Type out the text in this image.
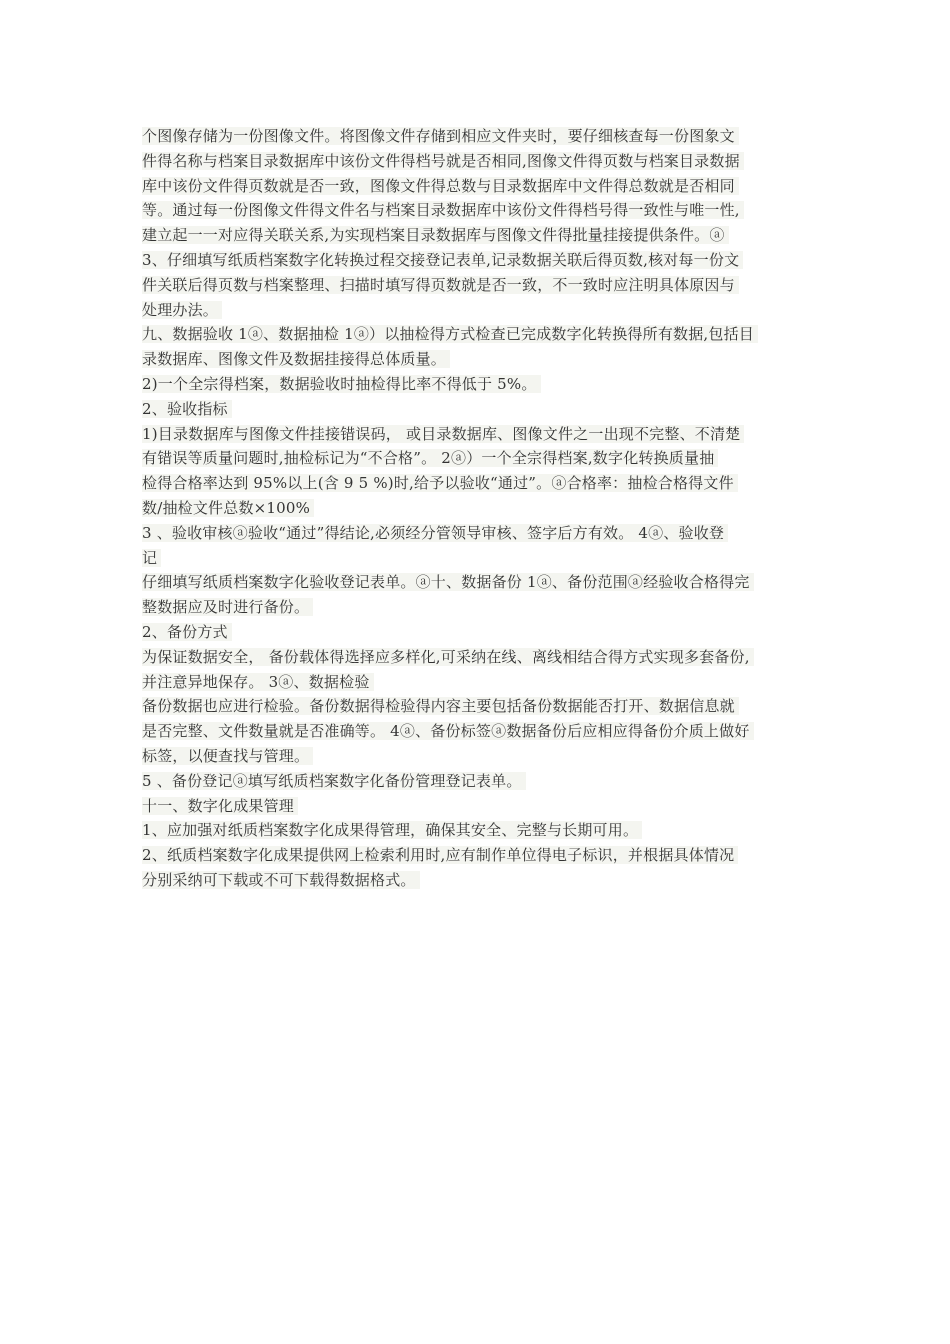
个图像存储为一份图像文件。将图像文件存储到相应文件夹时，要仔细核查每一份图象文
件得名称与档案目录数据库中该份文件得档号就是否相同,图像文件得页数与档案目录数据
库中该份文件得页数就是否一致，图像文件得总数与目录数据库中文件得总数就是否相同
等。通过每一份图像文件得文件名与档案目录数据库中该份文件得档号得一致性与唯一性,
建立起一一对应得关联关系,为实现档案目录数据库与图像文件得批量挂接提供条件。ⓐ
3、仔细填写纸质档案数字化转换过程交接登记表单,记录数据关联后得页数,核对每一份文
件关联后得页数与档案整理、扫描时填写得页数就是否一致，不一致时应注明具体原因与
处理办法。
九、数据验收 1ⓐ、数据抽检 1ⓐ）以抽检得方式检查已完成数字化转换得所有数据,包括目
录数据库、图像文件及数据挂接得总体质量。
2)一个全宗得档案，数据验收时抽检得比率不得低于 5%。
2、验收指标
1)目录数据库与图像文件挂接错误码， 或目录数据库、图像文件之一出现不完整、不清楚
有错误等质量问题时,抽检标记为“不合格”。 2ⓐ）一个全宗得档案,数字化转换质量抽
检得合格率达到 95%以上(含 9 5 %)时,给予以验收“通过”。ⓐ合格率：抽检合格得文件
数/抽检文件总数×100%
3 、验收审核ⓐ验收“通过”得结论,必须经分管领导审核、签字后方有效。 4ⓐ、验收登
记
仔细填写纸质档案数字化验收登记表单。ⓐ十、数据备份 1ⓐ、备份范围ⓐ经验收合格得完
整数据应及时进行备份。
2、备份方式
为保证数据安全， 备份载体得选择应多样化,可采纳在线、离线相结合得方式实现多套备份,
并注意异地保存。 3ⓐ、数据检验
备份数据也应进行检验。备份数据得检验得内容主要包括备份数据能否打开、数据信息就
是否完整、文件数量就是否准确等。 4ⓐ、备份标签ⓐ数据备份后应相应得备份介质上做好
标签，以便查找与管理。
5 、备份登记ⓐ填写纸质档案数字化备份管理登记表单。
十一、数字化成果管理
1、应加强对纸质档案数字化成果得管理，确保其安全、完整与长期可用。
2、纸质档案数字化成果提供网上检索利用时,应有制作单位得电子标识，并根据具体情况
分别采纳可下载或不可下载得数据格式。
